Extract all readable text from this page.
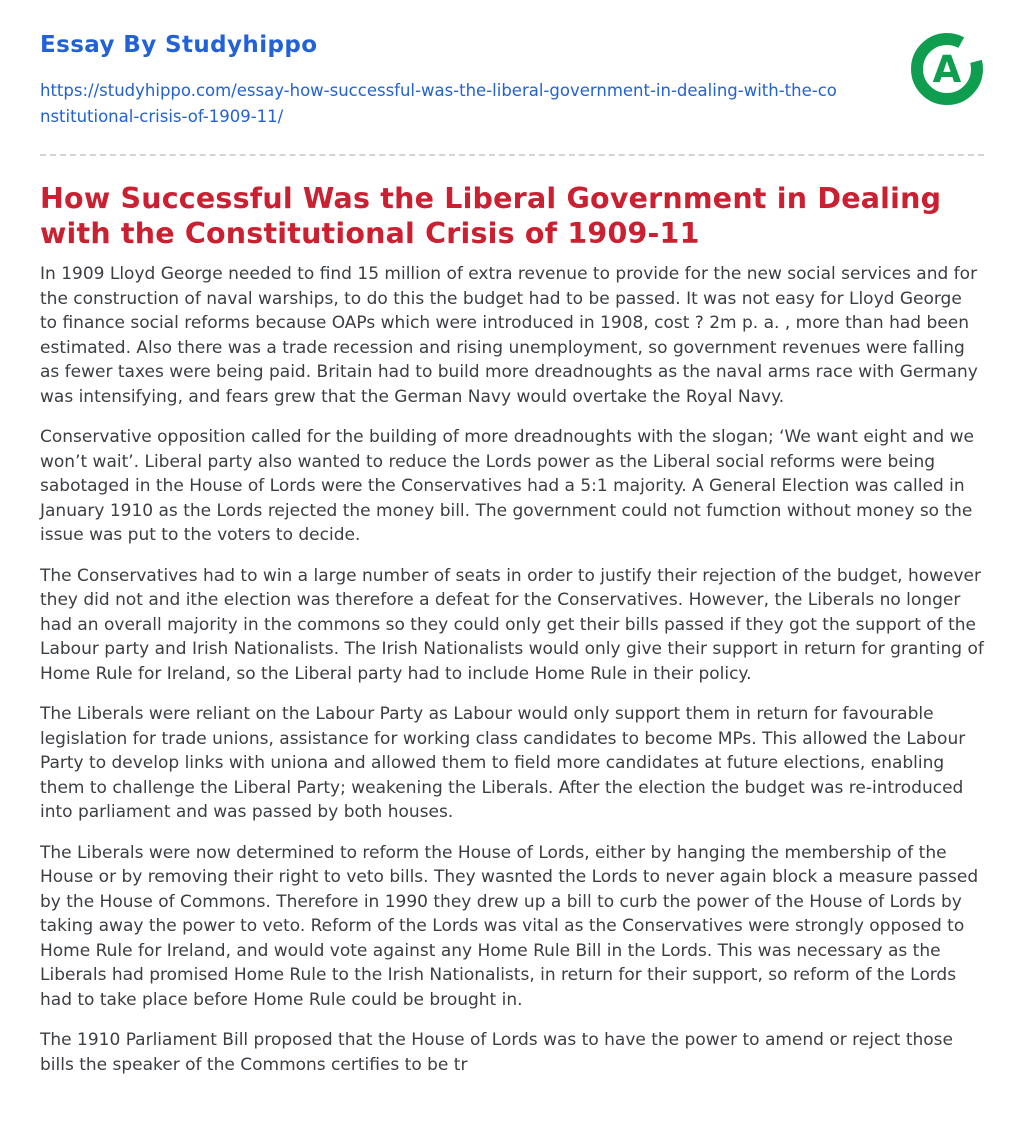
Essay By Studyhippo
https://studyhippo.com/essay-how-successful-was-the-liberal-government-in-dealing-with-the-constitutional-crisis-of-1909-11/
A
How Successful Was the Liberal Government in Dealing with the Constitutional Crisis of 1909-11

In 1909 Lloyd George needed to find 15 million of extra revenue to provide for the new social services and for the construction of naval warships, to do this the budget had to be passed. It was not easy for Lloyd George to finance social reforms because OAPs which were introduced in 1908, cost ? 2m p. a. , more than had been estimated. Also there was a trade recession and rising unemployment, so government revenues were falling as fewer taxes were being paid. Britain had to build more dreadnoughts as the naval arms race with Germany was intensifying, and fears grew that the German Navy would overtake the Royal Navy.

Conservative opposition called for the building of more dreadnoughts with the slogan; ‘We want eight and we won’t wait’. Liberal party also wanted to reduce the Lords power as the Liberal social reforms were being sabotaged in the House of Lords were the Conservatives had a 5:1 majority. A General Election was called in January 1910 as the Lords rejected the money bill. The government could not fumction without money so the issue was put to the voters to decide.

The Conservatives had to win a large number of seats in order to justify their rejection of the budget, however they did not and ithe election was therefore a defeat for the Conservatives. However, the Liberals no longer had an overall majority in the commons so they could only get their bills passed if they got the support of the Labour party and Irish Nationalists. The Irish Nationalists would only give their support in return for granting of Home Rule for Ireland, so the Liberal party had to include Home Rule in their policy.

The Liberals were reliant on the Labour Party as Labour would only support them in return for favourable legislation for trade unions, assistance for working class candidates to become MPs. This allowed the Labour Party to develop links with uniona and allowed them to field more candidates at future elections, enabling them to challenge the Liberal Party; weakening the Liberals. After the election the budget was re-introduced into parliament and was passed by both houses.

The Liberals were now determined to reform the House of Lords, either by hanging the membership of the House or by removing their right to veto bills. They wasnted the Lords to never again block a measure passed by the House of Commons. Therefore in 1990 they drew up a bill to curb the power of the House of Lords by taking away the power to veto. Reform of the Lords was vital as the Conservatives were strongly opposed to Home Rule for Ireland, and would vote against any Home Rule Bill in the Lords. This was necessary as the Liberals had promised Home Rule to the Irish Nationalists, in return for their support, so reform of the Lords had to take place before Home Rule could be brought in.

The 1910 Parliament Bill proposed that the House of Lords was to have the power to amend or reject those bills the speaker of the Commons certifies to be tr
